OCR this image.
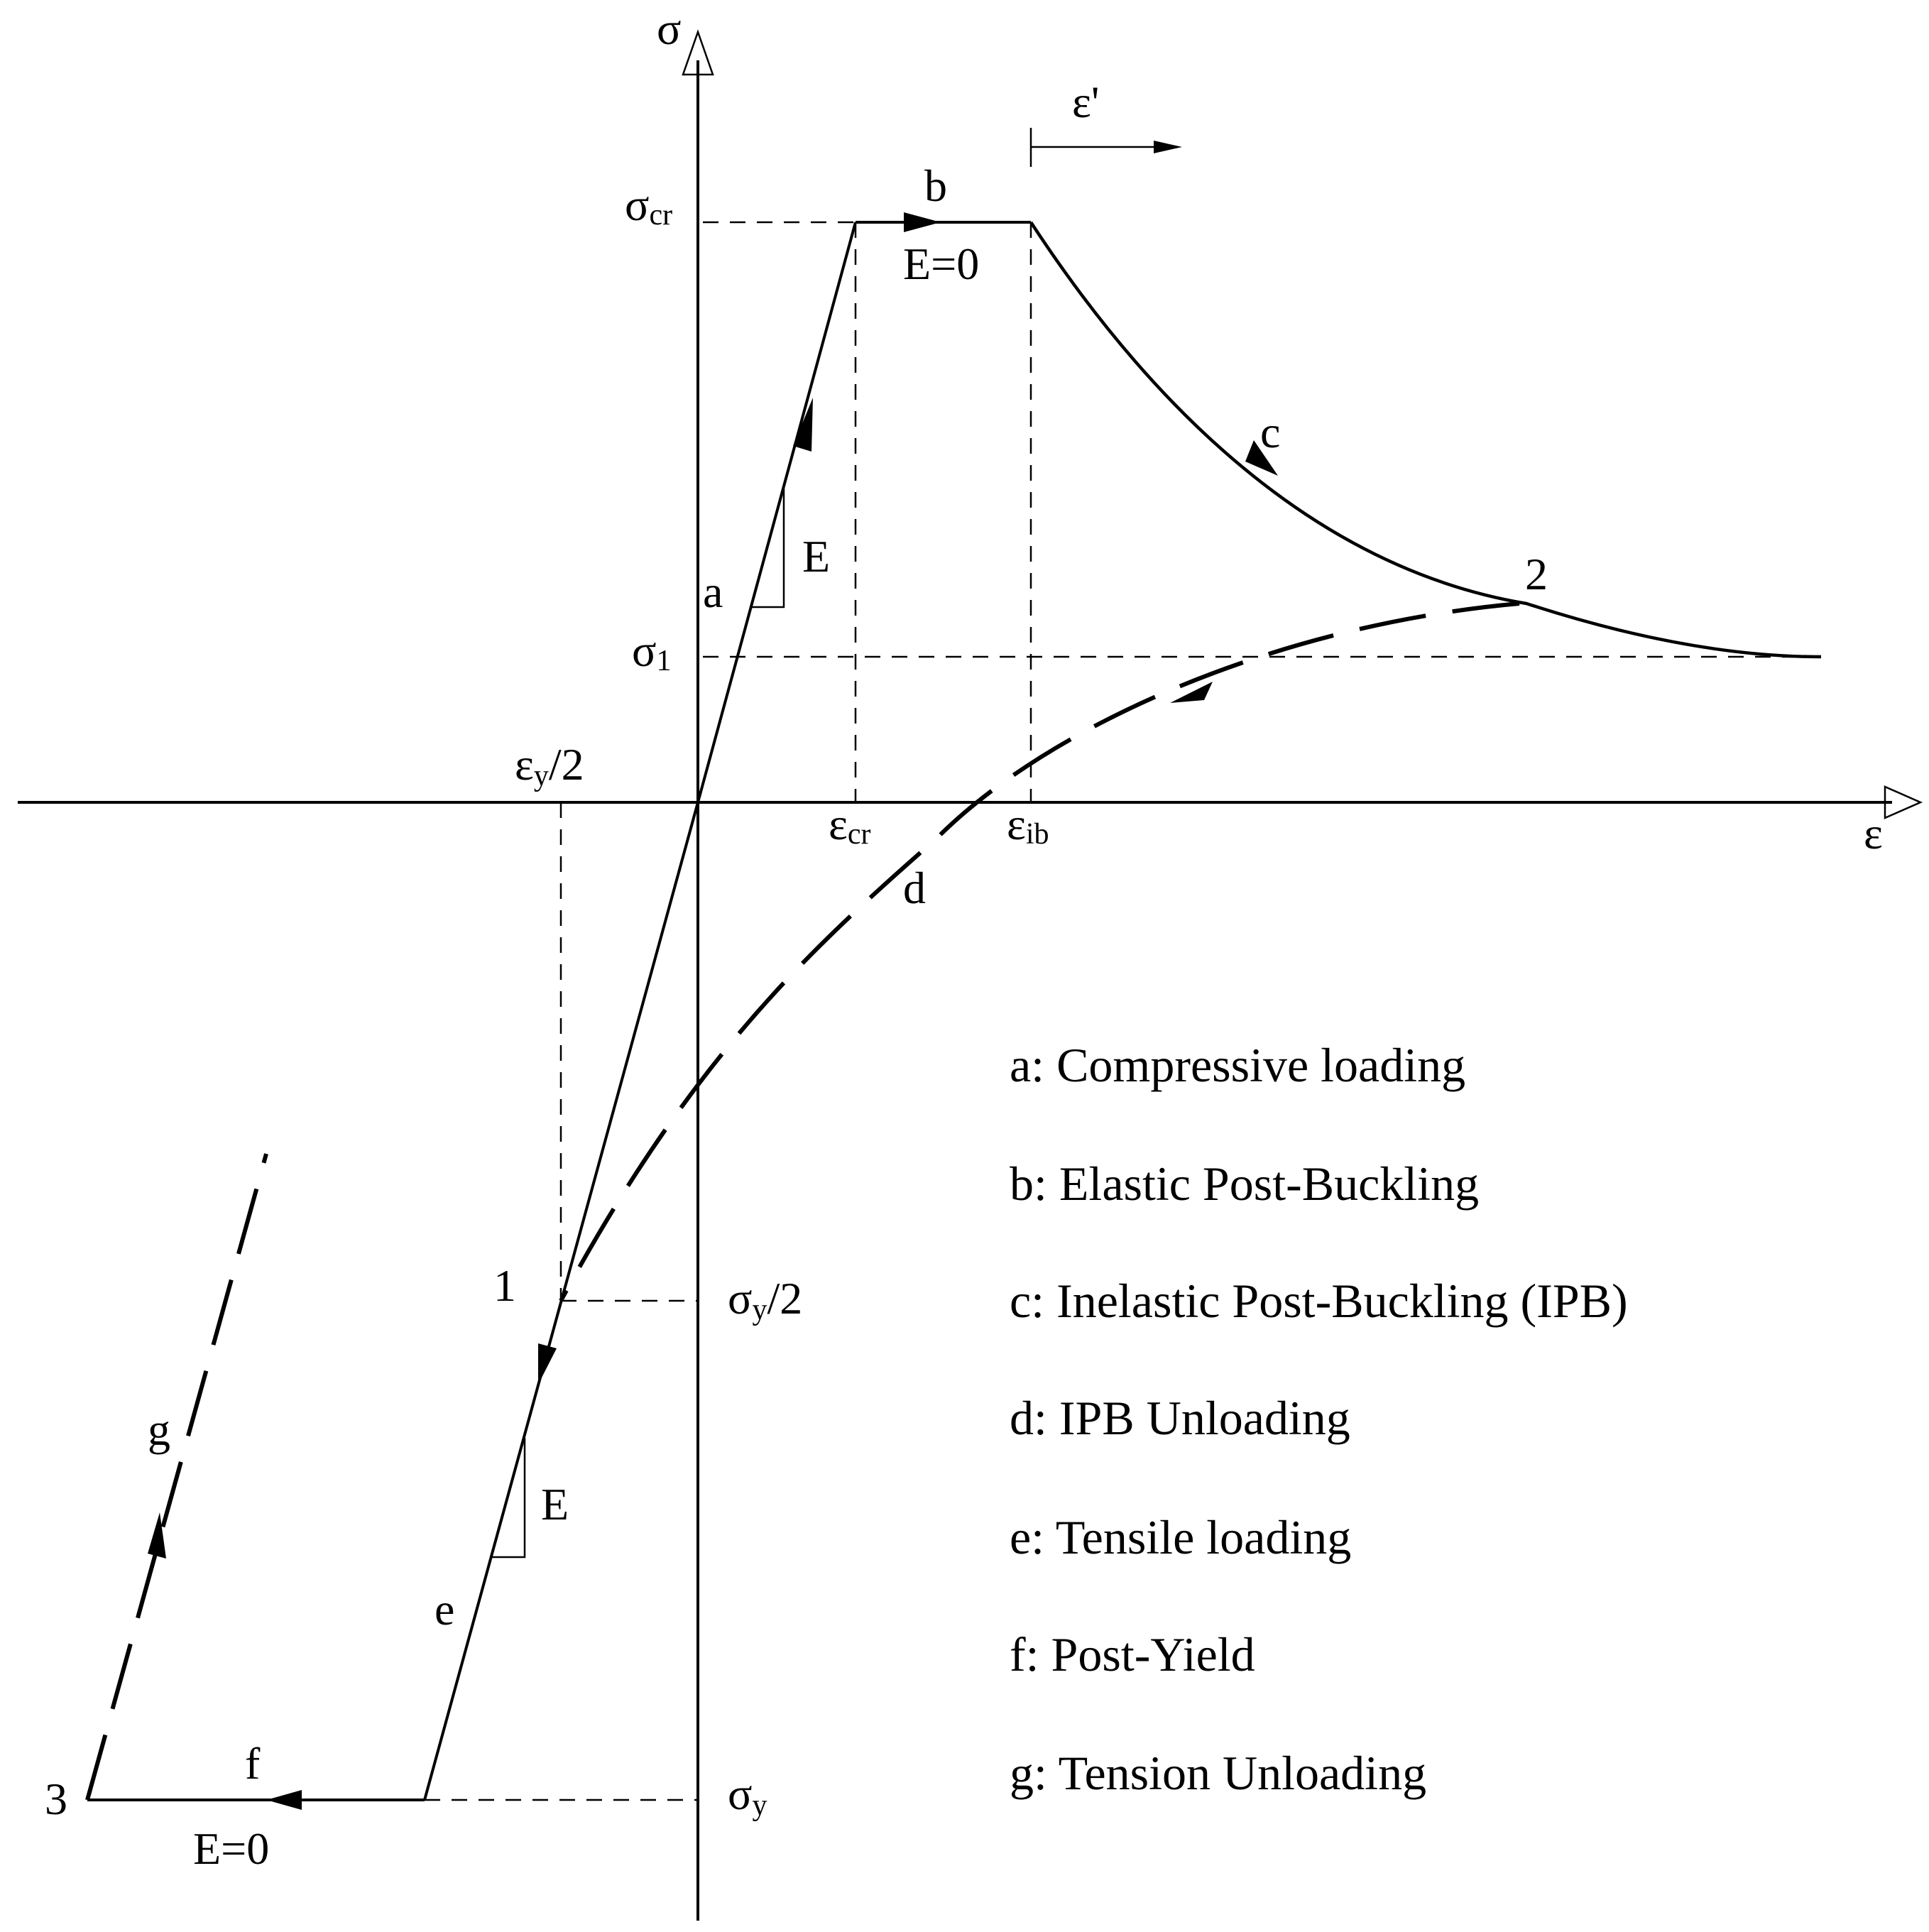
ε'
σ
ε
σcr
σ1
σy/2
σy
εcr	εib
εy/2
a
b
c
d
e
f
g
1
2
3
E
E
E=0
E=0
a: Compressive loading
b: Elastic Post-Buckling
c: Inelastic Post-Buckling (IPB)
d: IPB Unloading
e: Tensile loading
f: Post-Yield
g: Tension Unloading
